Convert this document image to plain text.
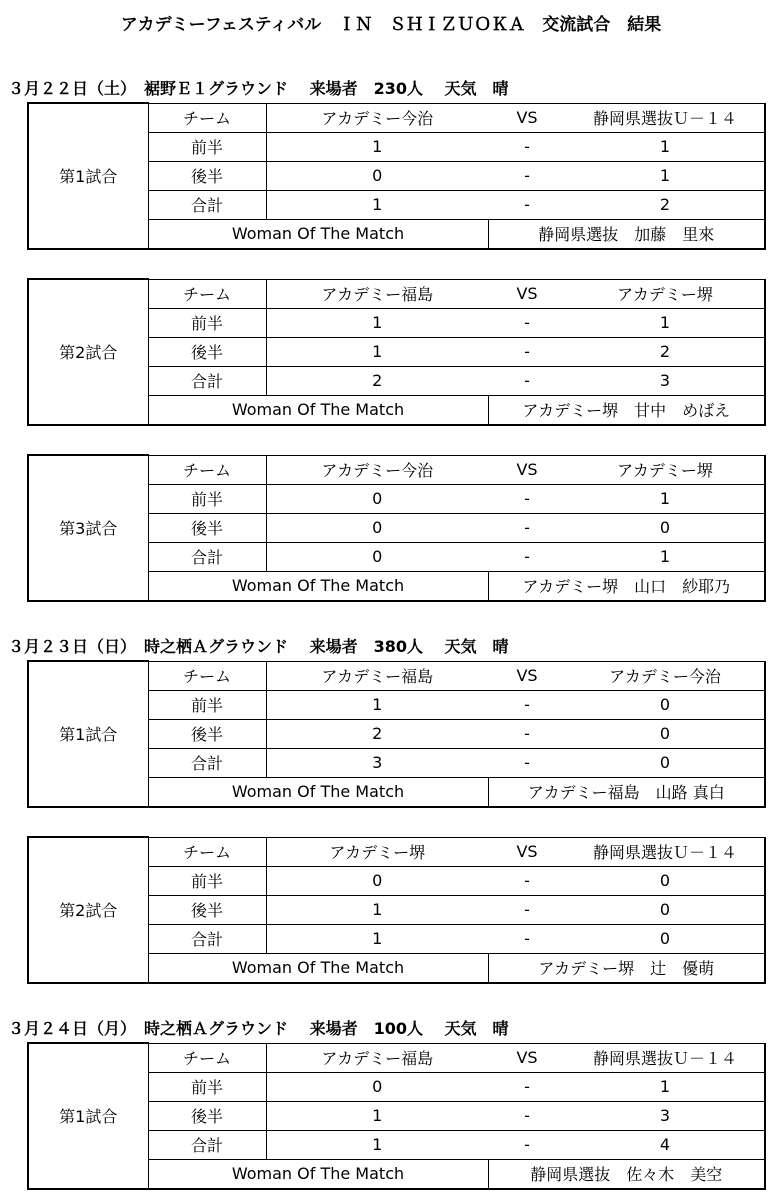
アカデミーフェスティバル　ＩＮ　ＳＨＩＺＵＯＫＡ　交流試合　結果
３月２２日（土）　裾野Ｅ１グラウンド　 来場者　230人　 天気　晴
第1試合	チーム	アカデミー今治	VS	静岡県選抜Ｕ－１４
	前半	1	-	1
	後半	0	-	1
	合計	1	-	2
	Woman Of The Match		静岡県選抜　加藤　里來	
第2試合	チーム	アカデミー福島	VS	アカデミー堺
	前半	1	-	1
	後半	1	-	2
	合計	2	-	3
	Woman Of The Match		アカデミー堺　甘中　めばえ	
第3試合	チーム	アカデミー今治	VS	アカデミー堺
	前半	0	-	1
	後半	0	-	0
	合計	0	-	1
	Woman Of The Match		アカデミー堺　山口　紗耶乃	
３月２３日（日）　時之栖Ａグラウンド　 来場者　380人　 天気　晴
第1試合	チーム	アカデミー福島	VS	アカデミー今治
	前半	1	-	0
	後半	2	-	0
	合計	3	-	0
	Woman Of The Match		アカデミー福島　山路 真白	
第2試合	チーム	アカデミー堺	VS	静岡県選抜Ｕ－１４
	前半	0	-	0
	後半	1	-	0
	合計	1	-	0
	Woman Of The Match		アカデミー堺　辻　優萌	
３月２４日（月）　時之栖Ａグラウンド　 来場者　100人　 天気　晴
第1試合	チーム	アカデミー福島	VS	静岡県選抜Ｕ－１４
	前半	0	-	1
	後半	1	-	3
	合計	1	-	4
	Woman Of The Match		静岡県選抜　佐々木　美空	
